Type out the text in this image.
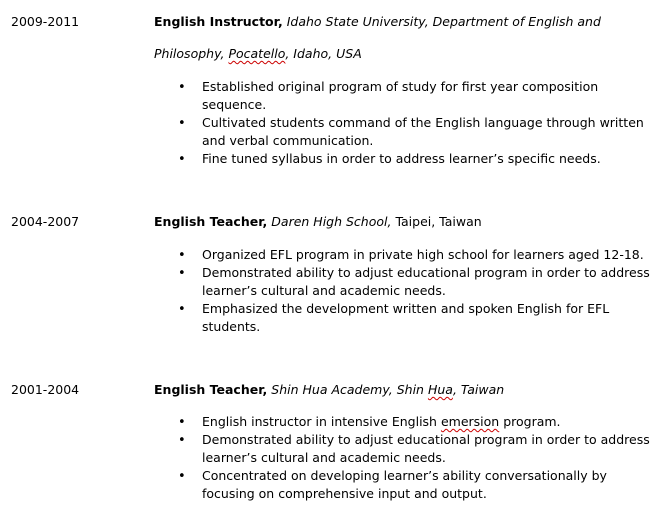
2009-2011	English Instructor, Idaho State University, Department of English and
Philosophy, Pocatello, Idaho, USA
• Established original program of study for first year composition
sequence.
• Cultivated students command of the English language through written
and verbal communication.
• Fine tuned syllabus in order to address learner’s specific needs.
2004-2007	English Teacher, Daren High School, Taipei, Taiwan
• Organized EFL program in private high school for learners aged 12-18.
• Demonstrated ability to adjust educational program in order to address
learner’s cultural and academic needs.
• Emphasized the development written and spoken English for EFL
students.
2001-2004	English Teacher, Shin Hua Academy, Shin Hua, Taiwan
• English instructor in intensive English emersion program.
• Demonstrated ability to adjust educational program in order to address
learner’s cultural and academic needs.
• Concentrated on developing learner’s ability conversationally by
focusing on comprehensive input and output.
